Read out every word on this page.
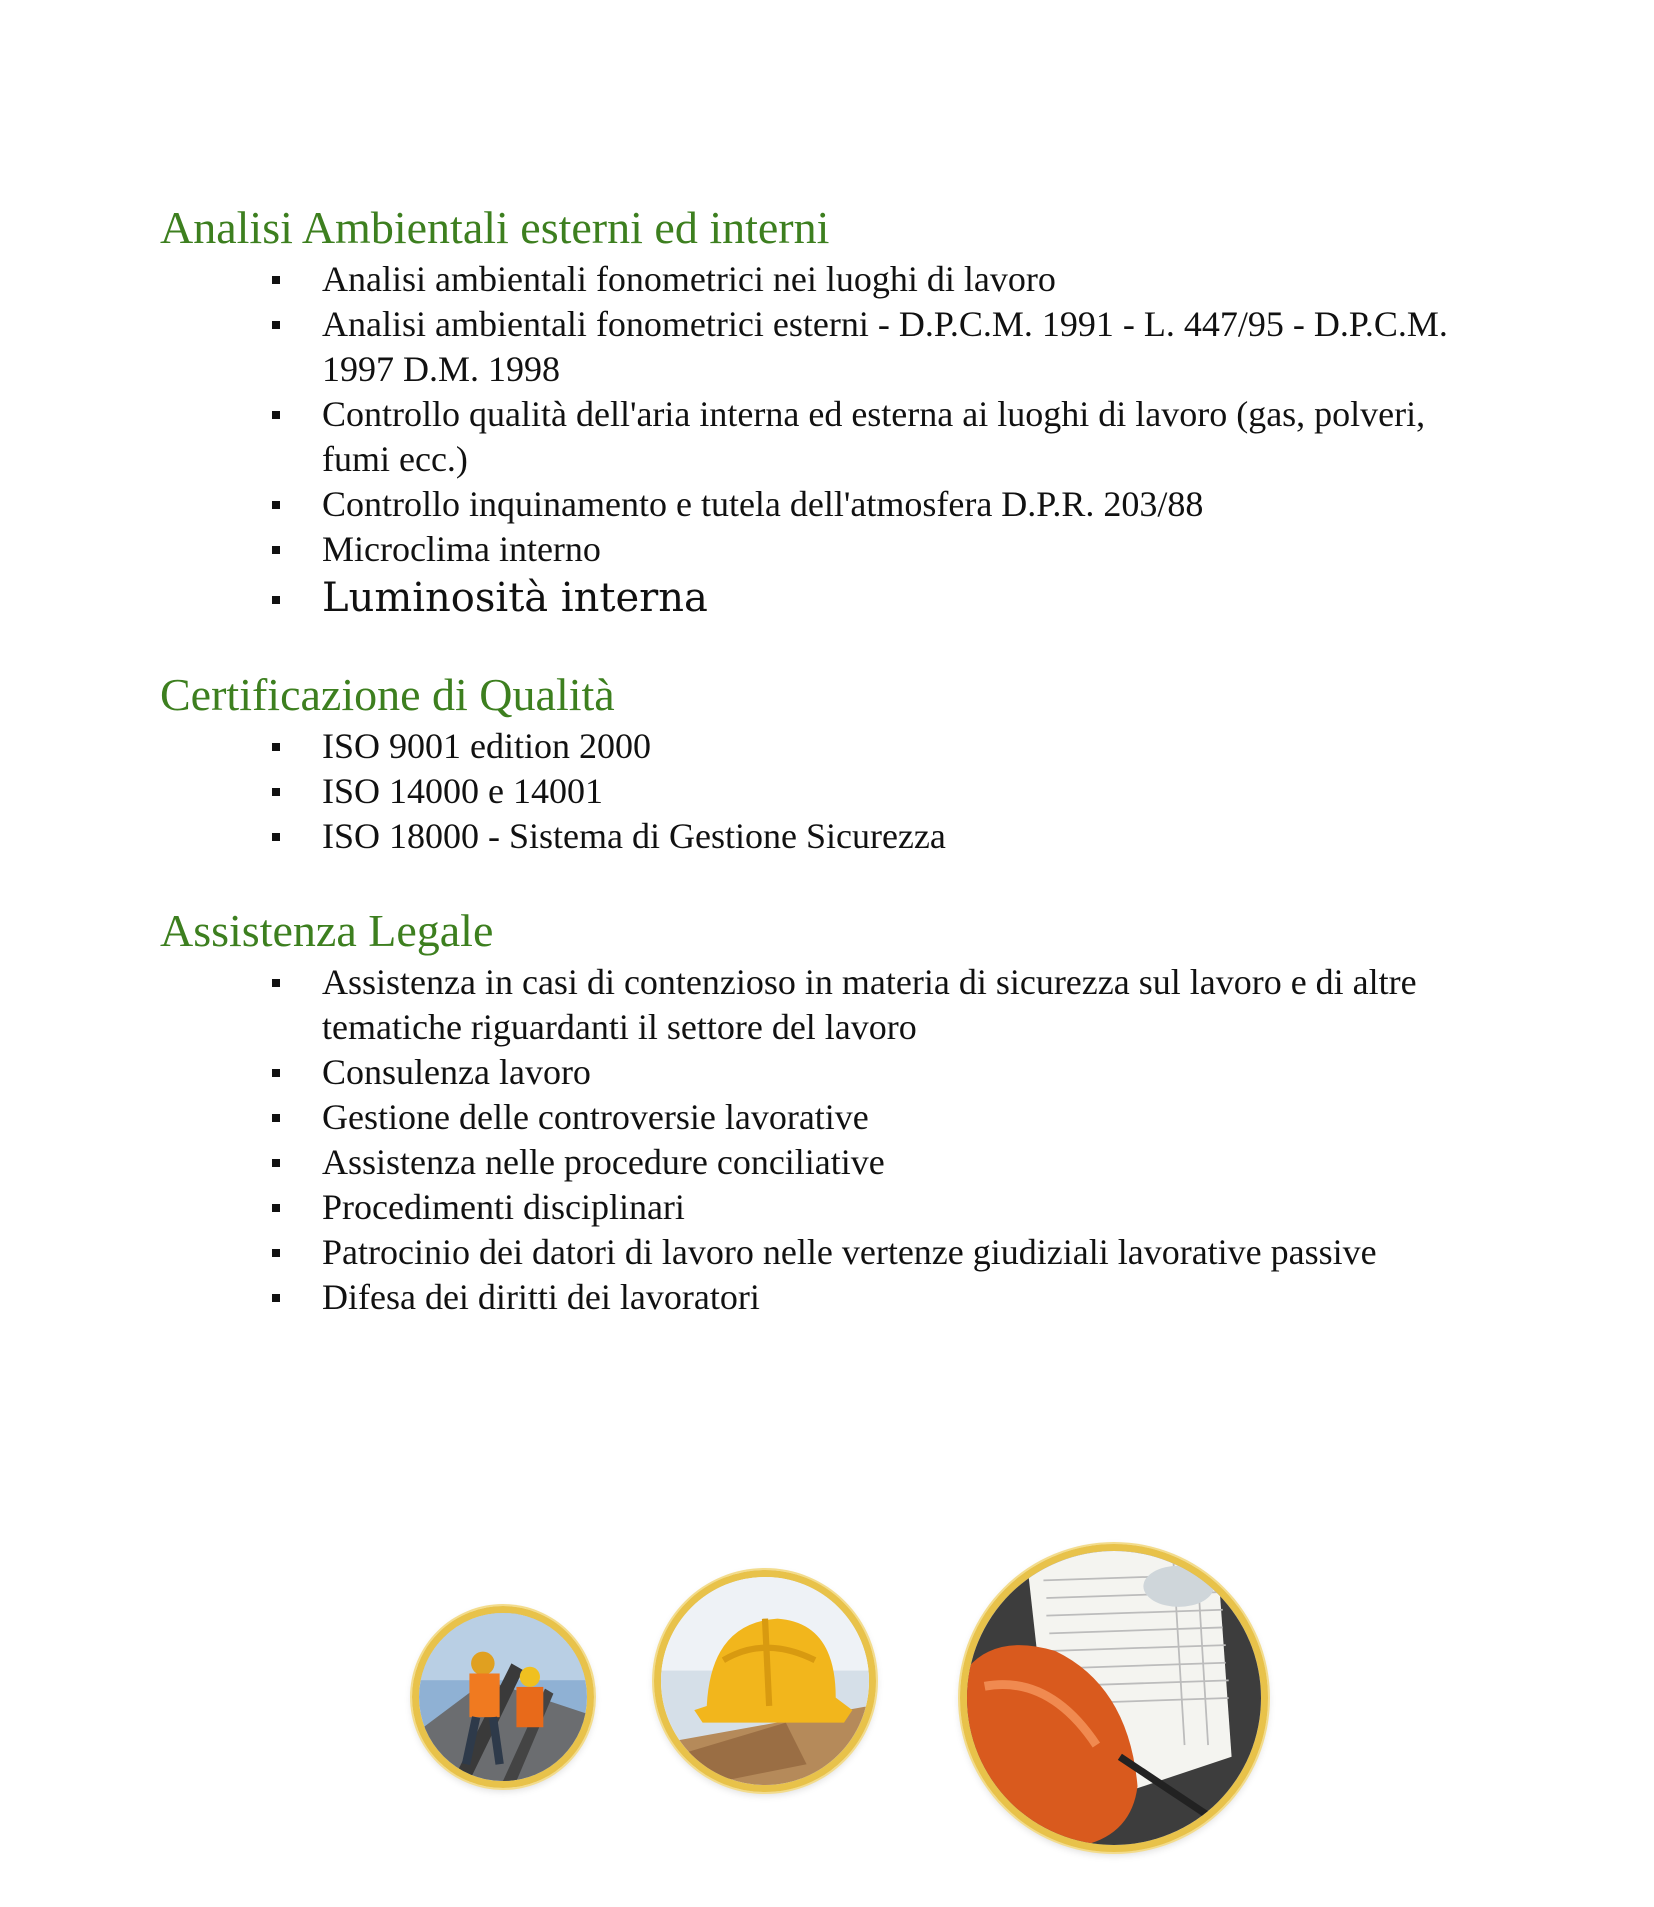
Analisi Ambientali esterni ed interni
Analisi ambientali fonometrici nei luoghi di lavoro
Analisi ambientali fonometrici esterni - D.P.C.M. 1991 - L. 447/95 - D.P.C.M. 1997 D.M. 1998
Controllo qualità dell'aria interna ed esterna ai luoghi di lavoro (gas, polveri, fumi ecc.)
Controllo inquinamento e tutela dell'atmosfera D.P.R. 203/88
Microclima interno
Luminosità interna
Certificazione di Qualità
ISO 9001 edition 2000
ISO 14000 e 14001
ISO 18000 - Sistema di Gestione Sicurezza
Assistenza Legale
Assistenza in casi di contenzioso in materia di sicurezza sul lavoro e di altre tematiche riguardanti il settore del lavoro
Consulenza lavoro
Gestione delle controversie lavorative
Assistenza nelle procedure conciliative
Procedimenti disciplinari
Patrocinio dei datori di lavoro nelle vertenze giudiziali lavorative passive
Difesa dei diritti dei lavoratori
